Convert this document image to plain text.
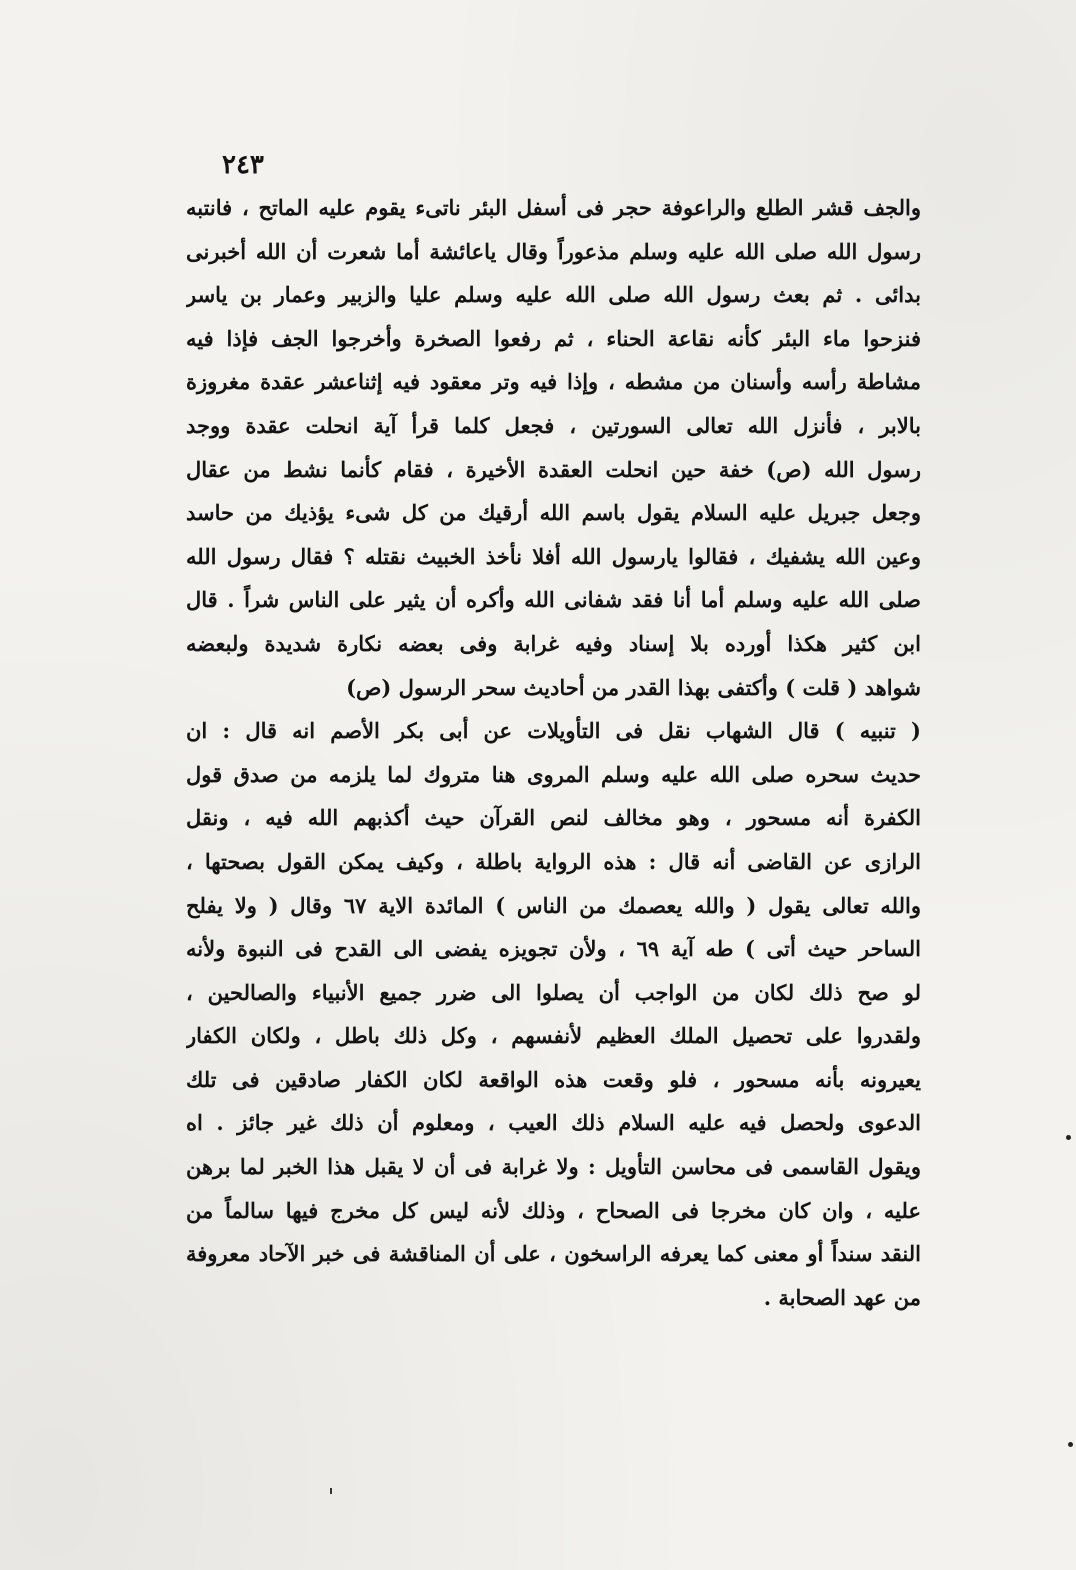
٢٤٣
والجف قشر الطلع والراعوفة حجر فى أسفل البئر ناتىء يقوم عليه الماتح ، فانتبه
رسول الله صلى الله عليه وسلم مذعوراً وقال ياعائشة أما شعرت أن الله أخبرنى
بدائى . ثم بعث رسول الله صلى الله عليه وسلم عليا والزبير وعمار بن ياسر
فنزحوا ماء البئر كأنه نقاعة الحناء ، ثم رفعوا الصخرة وأخرجوا الجف فإذا فيه
مشاطة رأسه وأسنان من مشطه ، وإذا فيه وتر معقود فيه إثناعشر عقدة مغروزة
بالابر ، فأنزل الله تعالى السورتين ، فجعل كلما قرأ آية انحلت عقدة ووجد
رسول الله (ص) خفة حين انحلت العقدة الأخيرة ، فقام كأنما نشط من عقال
وجعل جبريل عليه السلام يقول باسم الله أرقيك من كل شىء يؤذيك من حاسد
وعين الله يشفيك ، فقالوا يارسول الله أفلا نأخذ الخبيث نقتله ؟ فقال رسول الله
صلى الله عليه وسلم أما أنا فقد شفانى الله وأكره أن يثير على الناس شراً . قال
ابن كثير هكذا أورده بلا إسناد وفيه غرابة وفى بعضه نكارة شديدة ولبعضه
شواهد ( قلت ) وأكتفى بهذا القدر من أحاديث سحر الرسول (ص)
( تنبيه ) قال الشهاب نقل فى التأويلات عن أبى بكر الأصم انه قال : ان
حديث سحره صلى الله عليه وسلم المروى هنا متروك لما يلزمه من صدق قول
الكفرة أنه مسحور ، وهو مخالف لنص القرآن حيث أكذبهم الله فيه ، ونقل
الرازى عن القاضى أنه قال : هذه الرواية باطلة ، وكيف يمكن القول بصحتها ،
والله تعالى يقول ( والله يعصمك من الناس ) المائدة الاية ٦٧ وقال ( ولا يفلح
الساحر حيث أتى ) طه آية ٦٩ ، ولأن تجويزه يفضى الى القدح فى النبوة ولأنه
لو صح ذلك لكان من الواجب أن يصلوا الى ضرر جميع الأنبياء والصالحين ،
ولقدروا على تحصيل الملك العظيم لأنفسهم ، وكل ذلك باطل ، ولكان الكفار
يعيرونه بأنه مسحور ، فلو وقعت هذه الواقعة لكان الكفار صادقين فى تلك
الدعوى ولحصل فيه عليه السلام ذلك العيب ، ومعلوم أن ذلك غير جائز . اه
ويقول القاسمى فى محاسن التأويل : ولا غرابة فى أن لا يقبل هذا الخبر لما برهن
عليه ، وان كان مخرجا فى الصحاح ، وذلك لأنه ليس كل مخرج فيها سالماً من
النقد سنداً أو معنى كما يعرفه الراسخون ، على أن المناقشة فى خبر الآحاد معروفة
من عهد الصحابة .
